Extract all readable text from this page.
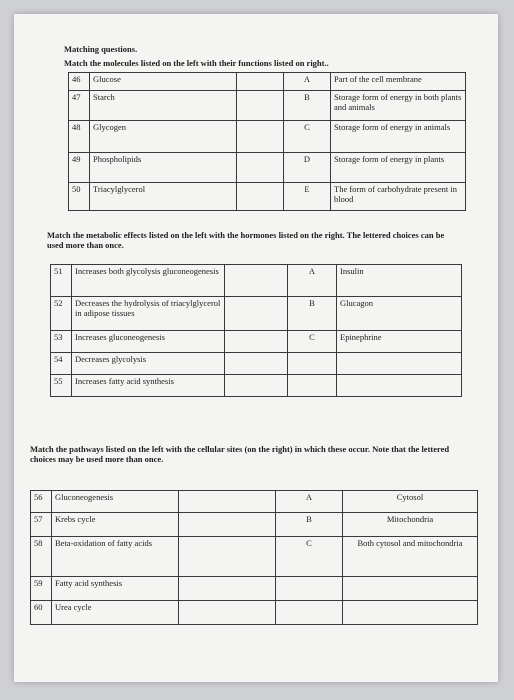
Matching questions.
Match the molecules listed on the left with their functions listed on right..
46	Glucose		A	Part of the cell membrane
47	Starch		B	Storage form of energy in both plants and animals
48	Glycogen		C	Storage form of energy in animals
49	Phospholipids		D	Storage form of energy in plants
50	Triacylglycerol		E	The form of carbohydrate present in blood
Match the metabolic effects listed on the left with the hormones listed on the right. The lettered choices can be used more than once.
51	Increases both glycolysis gluconeogenesis		A	Insulin
52	Decreases the hydrolysis of triacylglycerol in adipose tissues		B	Glucagon
53	Increases gluconeogenesis		C	Epinephrine
54	Decreases glycolysis			
55	Increases fatty acid synthesis			
Match the pathways listed on the left with the cellular sites (on the right) in which these occur. Note that the lettered choices may be used more than once.
56	Gluconeogenesis		A	Cytosol
57	Krebs cycle		B	Mitochondria
58	Beta-oxidation of fatty acids		C	Both cytosol and mitochondria
59	Fatty acid synthesis			
60	Urea cycle			
